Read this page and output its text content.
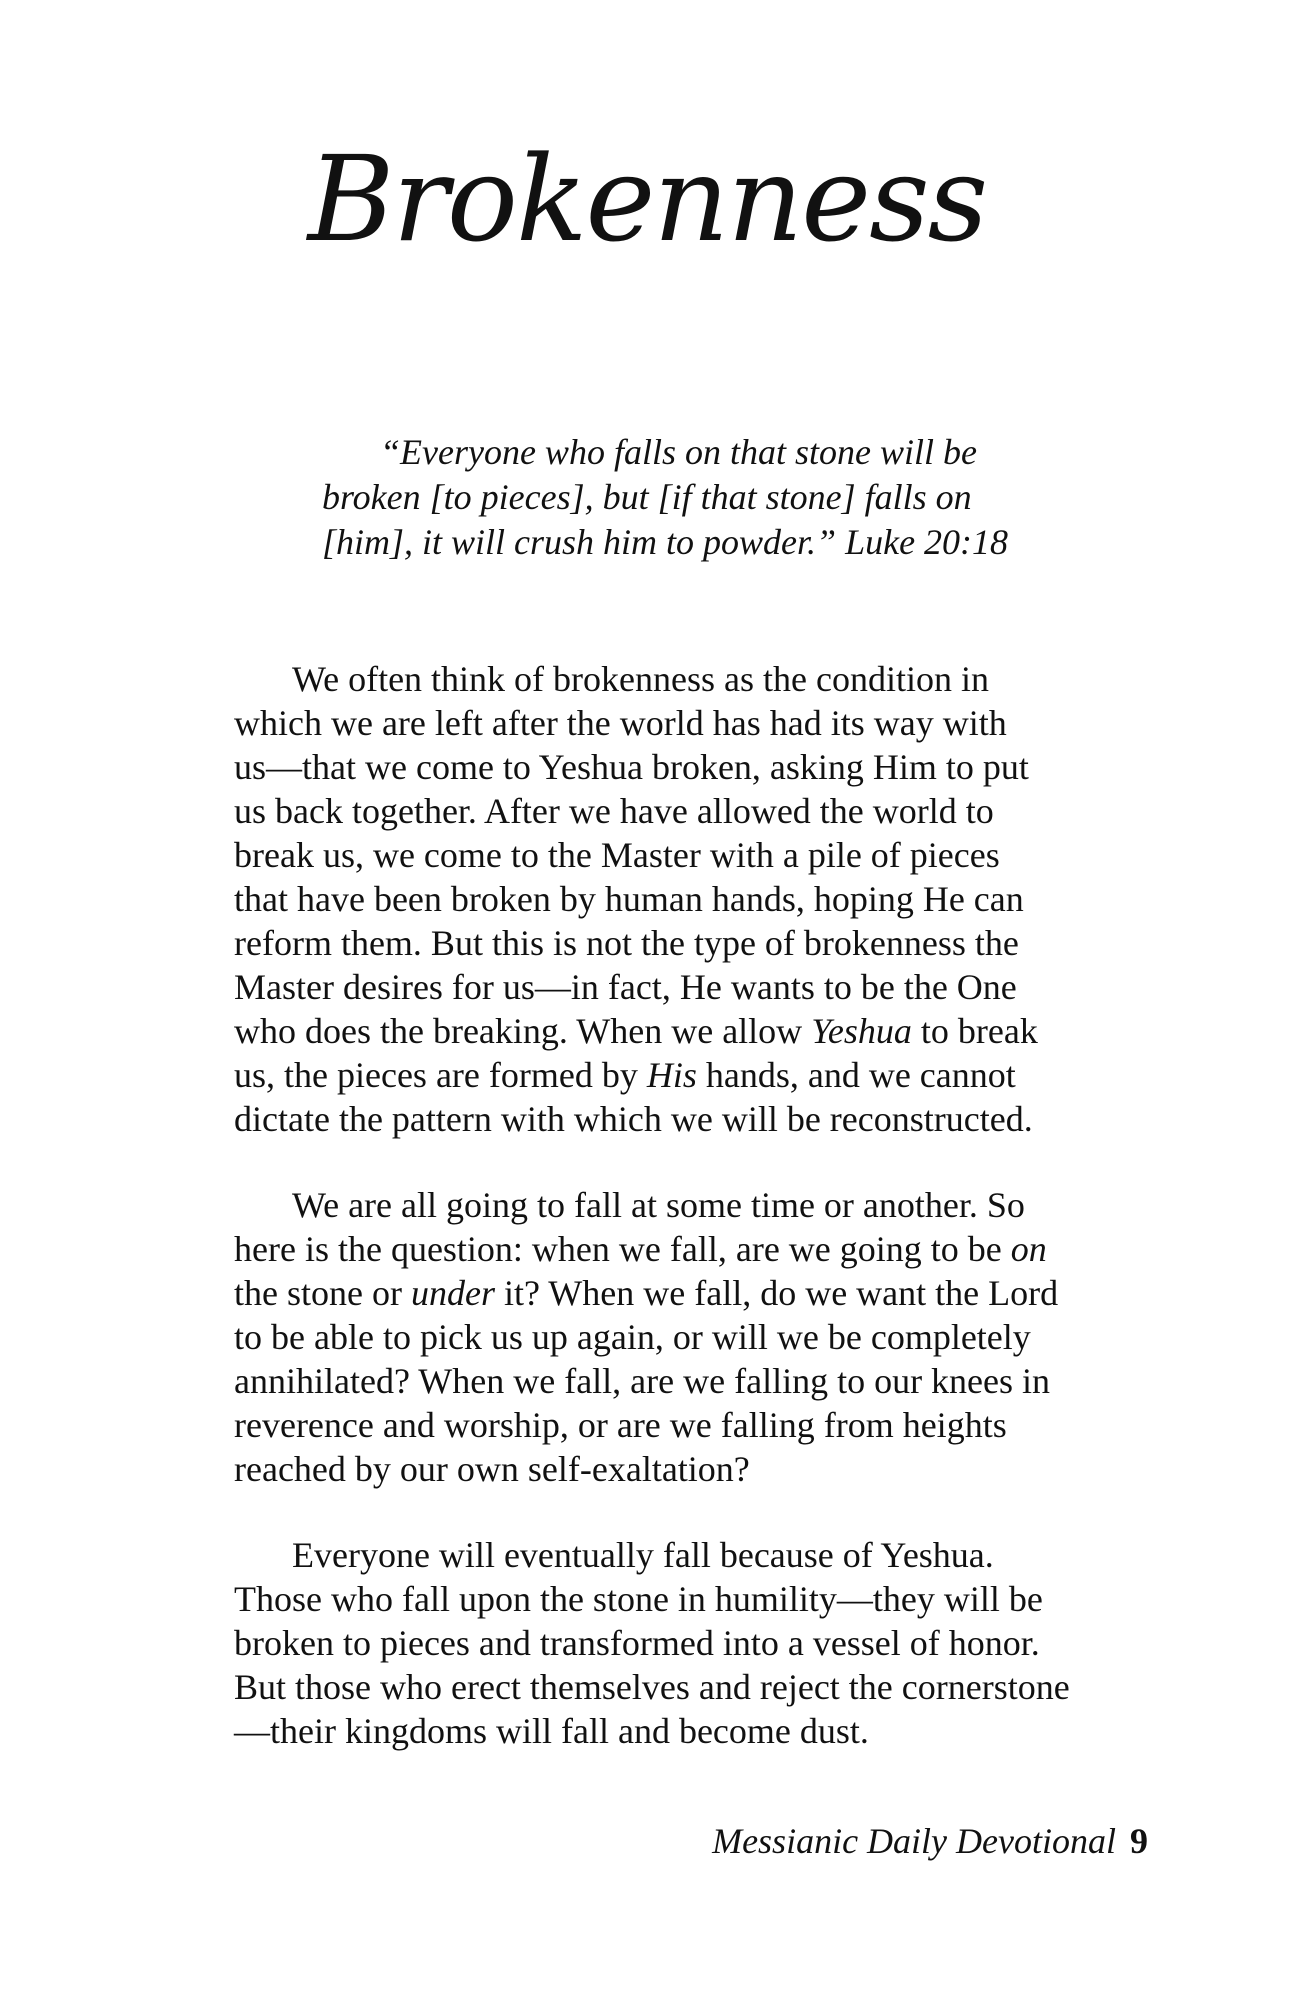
Brokenness
“Everyone who falls on that stone will be
broken [to pieces], but [if that stone] falls on
[him], it will crush him to powder.” Luke 20:18

We often think of brokenness as the condition in
which we are left after the world has had its way with
us—that we come to Yeshua broken, asking Him to put
us back together. After we have allowed the world to
break us, we come to the Master with a pile of pieces
that have been broken by human hands, hoping He can
reform them. But this is not the type of brokenness the
Master desires for us—in fact, He wants to be the One
who does the breaking. When we allow Yeshua to break
us, the pieces are formed by His hands, and we cannot
dictate the pattern with which we will be reconstructed.

We are all going to fall at some time or another. So
here is the question: when we fall, are we going to be on
the stone or under it? When we fall, do we want the Lord
to be able to pick us up again, or will we be completely
annihilated? When we fall, are we falling to our knees in
reverence and worship, or are we falling from heights
reached by our own self-exaltation?

Everyone will eventually fall because of Yeshua.
Those who fall upon the stone in humility—they will be
broken to pieces and transformed into a vessel of honor.
But those who erect themselves and reject the cornerstone
—their kingdoms will fall and become dust.

Messianic Daily Devotional 9
